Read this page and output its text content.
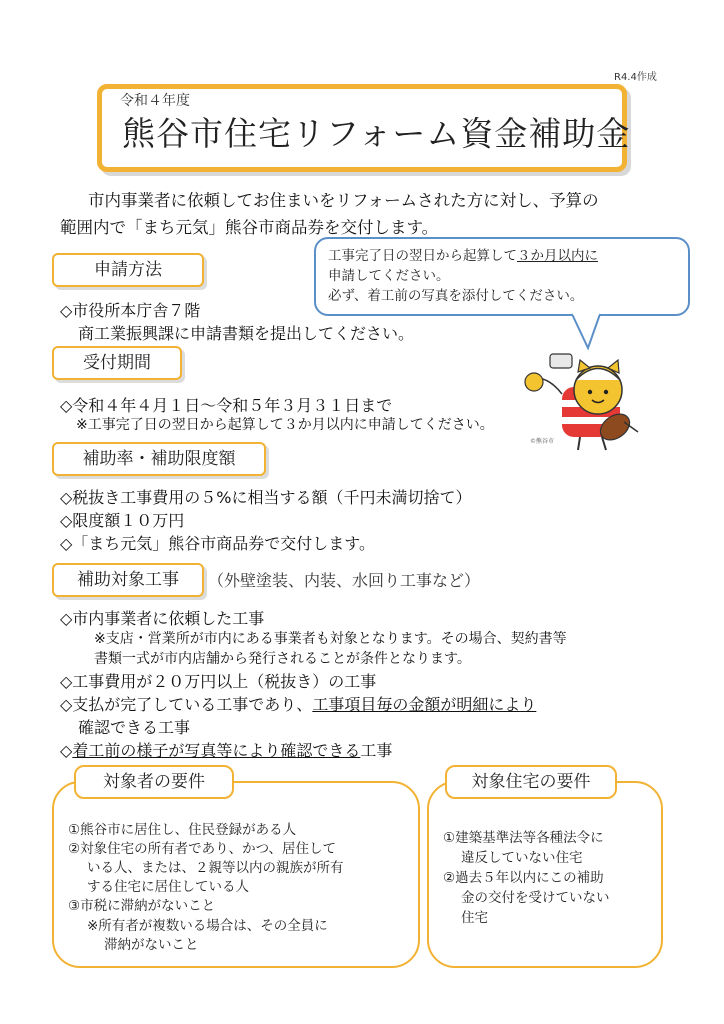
R4.4作成
令和４年度
熊谷市住宅リフォーム資金補助金
市内事業者に依頼してお住まいをリフォームされた方に対し、予算の
範囲内で「まち元気」熊谷市商品券を交付します。
申請方法
◇市役所本庁舎７階
商工業振興課に申請書類を提出してください。
工事完了日の翌日から起算して３か月以内に
申請してください。
必ず、着工前の写真を添付してください。
受付期間
◇令和４年４月１日～令和５年３月３１日まで
※工事完了日の翌日から起算して３か月以内に申請してください。
©熊谷市
補助率・補助限度額
◇税抜き工事費用の５%に相当する額（千円未満切捨て）
◇限度額１０万円
◇「まち元気」熊谷市商品券で交付します。
補助対象工事	（外壁塗装、内装、水回り工事など）
◇市内事業者に依頼した工事
※支店・営業所が市内にある事業者も対象となります。その場合、契約書等
書類一式が市内店舗から発行されることが条件となります。
◇工事費用が２０万円以上（税抜き）の工事
◇支払が完了している工事であり、工事項目毎の金額が明細により
確認できる工事
◇着工前の様子が写真等により確認できる工事
対象者の要件
①熊谷市に居住し、住民登録がある人
②対象住宅の所有者であり、かつ、居住して
いる人、または、２親等以内の親族が所有
する住宅に居住している人
③市税に滞納がないこと
※所有者が複数いる場合は、その全員に
滞納がないこと
対象住宅の要件
①建築基準法等各種法令に
違反していない住宅
②過去５年以内にこの補助
金の交付を受けていない
住宅
